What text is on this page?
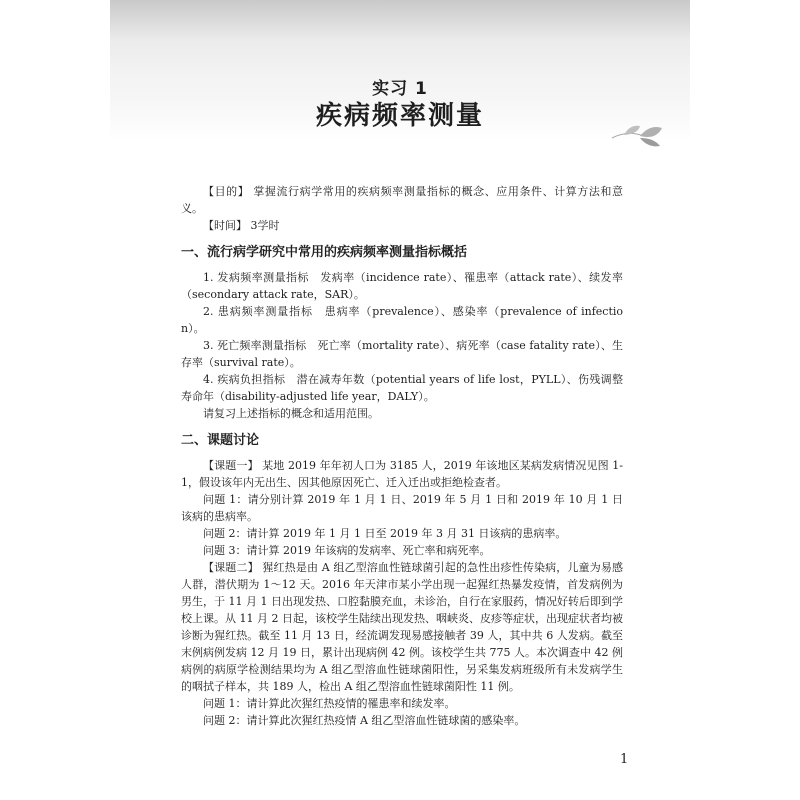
实习 1
疾病频率测量

【目的】 掌握流行病学常用的疾病频率测量指标的概念、应用条件、计算方法和意义。

【时间】 3学时

一、流行病学研究中常用的疾病频率测量指标概括

1. 发病频率测量指标　发病率（incidence rate）、罹患率（attack rate）、续发率（secondary attack rate，SAR）。

2. 患病频率测量指标　患病率（prevalence）、感染率（prevalence of infection）。

3. 死亡频率测量指标　死亡率（mortality rate）、病死率（case fatality rate）、生存率（survival rate）。

4. 疾病负担指标　潜在减寿年数（potential years of life lost，PYLL）、伤残调整寿命年（disability-adjusted life year，DALY）。

请复习上述指标的概念和适用范围。

二、课题讨论

【课题一】 某地 2019 年年初人口为 3185 人，2019 年该地区某病发病情况见图 1-1，假设该年内无出生、因其他原因死亡、迁入迁出或拒绝检查者。

问题 1：请分别计算 2019 年 1 月 1 日、2019 年 5 月 1 日和 2019 年 10 月 1 日该病的患病率。

问题 2：请计算 2019 年 1 月 1 日至 2019 年 3 月 31 日该病的患病率。

问题 3：请计算 2019 年该病的发病率、死亡率和病死率。

【课题二】 猩红热是由 A 组乙型溶血性链球菌引起的急性出疹性传染病，儿童为易感人群，潜伏期为 1～12 天。2016 年天津市某小学出现一起猩红热暴发疫情，首发病例为男生，于 11 月 1 日出现发热、口腔黏膜充血，未诊治，自行在家服药，情况好转后即到学校上课。从 11 月 2 日起，该校学生陆续出现发热、咽峡炎、皮疹等症状，出现症状者均被诊断为猩红热。截至 11 月 13 日，经流调发现易感接触者 39 人，其中共 6 人发病。截至末例病例发病 12 月 19 日，累计出现病例 42 例。该校学生共 775 人。本次调查中 42 例病例的病原学检测结果均为 A 组乙型溶血性链球菌阳性，另采集发病班级所有未发病学生的咽拭子样本，共 189 人，检出 A 组乙型溶血性链球菌阳性 11 例。

问题 1：请计算此次猩红热疫情的罹患率和续发率。

问题 2：请计算此次猩红热疫情 A 组乙型溶血性链球菌的感染率。

1
